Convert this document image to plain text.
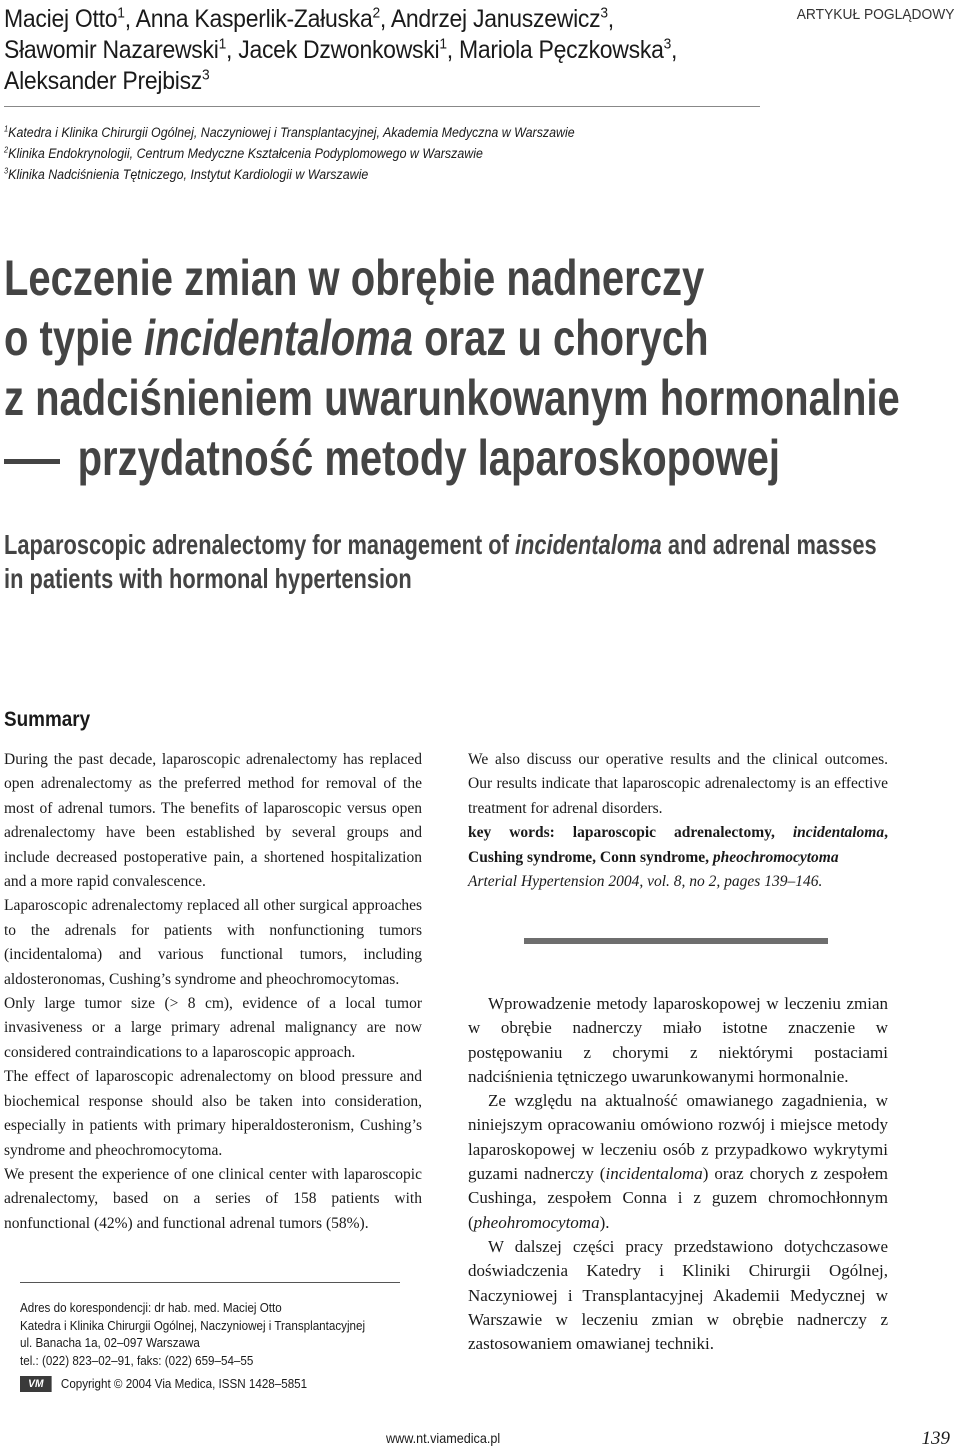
Maciej Otto$^1$, Anna Kasperlik-Załuska$^2$, Andrzej Januszewicz$^3$,
Sławomir Nazarewski$^1$, Jacek Dzwonkowski$^1$, Mariola Pęczkowska$^3$,
Aleksander Prejbisz$^3$
ARTYKUŁ POGLĄDOWY
$^1$Katedra i Klinika Chirurgii Ogólnej, Naczyniowej i Transplantacyjnej, Akademia Medyczna w Warszawie
$^2$Klinika Endokrynologii, Centrum Medyczne Kształcenia Podyplomowego w Warszawie
$^3$Klinika Nadciśnienia Tętniczego, Instytut Kardiologii w Warszawie
Leczenie zmian w obrębie nadnerczy
o typie incidentaloma oraz u chorych
z nadciśnieniem uwarunkowanym hormonalnie
przydatność metody laparoskopowej
Laparoscopic adrenalectomy for management of incidentaloma and adrenal masses
in patients with hormonal hypertension
Summary

During the past decade, laparoscopic adrenalectomy has replaced open adrenalectomy as the preferred method for removal of the most of adrenal tumors. The benefits of laparoscopic versus open adrenalectomy have been established by several groups and include decreased postoperative pain, a shortened hospitalization and a more rapid convalescence.

Laparoscopic adrenalectomy replaced all other surgical approaches to the adrenals for patients with nonfunctioning tumors (incidentaloma) and various functional tumors, including aldosteronomas, Cushing’s syndrome and pheochromocytomas.

Only large tumor size (> 8 cm), evidence of a local tumor invasiveness or a large primary adrenal malignancy are now considered contraindications to a laparoscopic approach.

The effect of laparoscopic adrenalectomy on blood pressure and biochemical response should also be taken into consideration, especially in patients with primary hiperaldosteronism, Cushing’s syndrome and pheochromocytoma.

We present the experience of one clinical center with laparoscopic adrenalectomy, based on a series of 158 patients with nonfunctional (42%) and functional adrenal tumors (58%).

We also discuss our operative results and the clinical outcomes. Our results indicate that laparoscopic adrenalectomy is an effective treatment for adrenal disorders.

key words: laparoscopic adrenalectomy, incidentaloma, Cushing syndrome, Conn syndrome, pheochromocytoma

Arterial Hypertension 2004, vol. 8, no 2, pages 139–146.

Wprowadzenie metody laparoskopowej w leczeniu zmian w obrębie nadnerczy miało istotne znaczenie w postępowaniu z chorymi z niektórymi postaciami nadciśnienia tętniczego uwarunkowanymi hormonalnie.

Ze względu na aktualność omawianego zagadnienia, w niniejszym opracowaniu omówiono rozwój i miejsce metody laparoskopowej w leczeniu osób z przypadkowo wykrytymi guzami nadnerczy (incidentaloma) oraz chorych z zespołem Cushinga, zespołem Conna i z guzem chromochłonnym (pheohromocytoma).

W dalszej części pracy przedstawiono dotychczasowe doświadczenia Katedry i Kliniki Chirurgii Ogólnej, Naczyniowej i Transplantacyjnej Akademii Medycznej w Warszawie w leczeniu zmian w obrębie nadnerczy z zastosowaniem omawianej techniki.

Adres do korespondencji: dr hab. med. Maciej Otto
Katedra i Klinika Chirurgii Ogólnej, Naczyniowej i Transplantacyjnej
ul. Banacha 1a, 02–097 Warszawa
tel.: (022) 823–02–91, faks: (022) 659–54–55
VM	Copyright © 2004 Via Medica, ISSN 1428–5851
www.nt.viamedica.pl	139
